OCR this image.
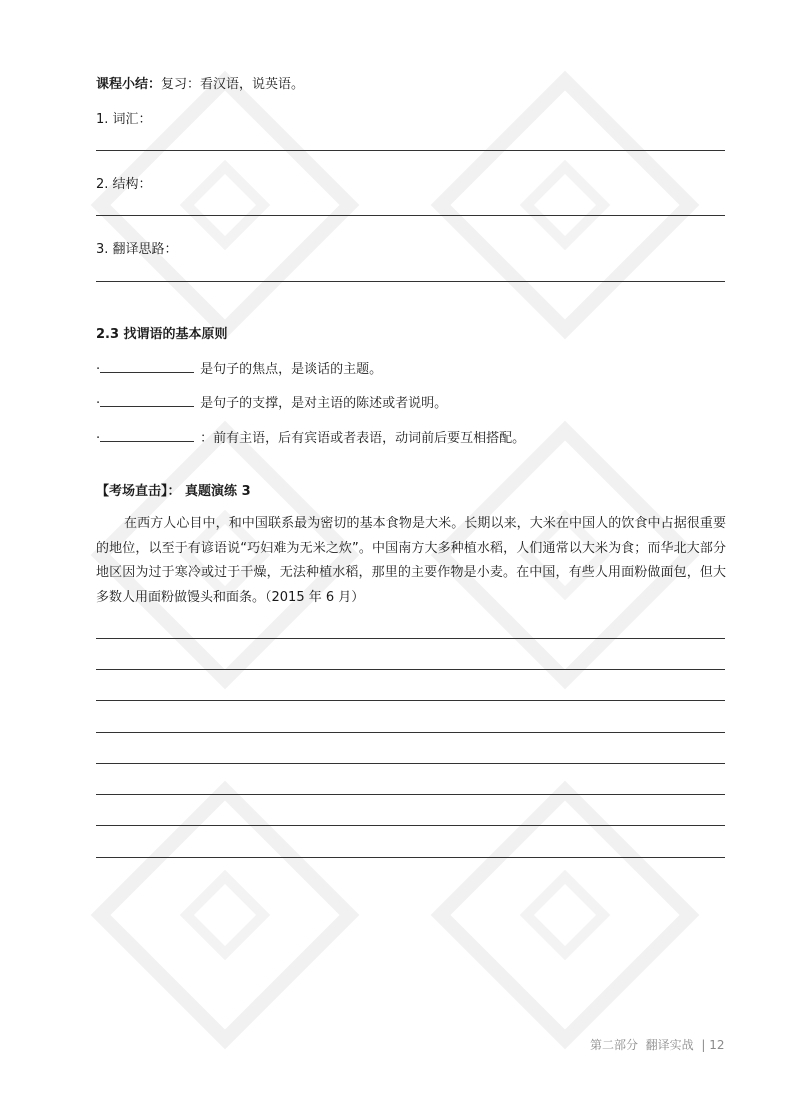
课程小结：复习：看汉语，说英语。
1. 词汇：
2. 结构：
3. 翻译思路：
2.3 找谓语的基本原则
·	是句子的焦点，是谈话的主题。
·	是句子的支撑，是对主语的陈述或者说明。
·	：前有主语，后有宾语或者表语，动词前后要互相搭配。
【考场直击】： 真题演练 3
在西方人心目中，和中国联系最为密切的基本食物是大米。长期以来，大米在中国人的饮食中占据很重要的地位，以至于有谚语说“巧妇难为无米之炊”。中国南方大多种植水稻，人们通常以大米为食；而华北大部分地区因为过于寒冷或过于干燥，无法种植水稻，那里的主要作物是小麦。在中国，有些人用面粉做面包，但大多数人用面粉做馒头和面条。（2015 年 6 月）
第二部分 翻译实战 | 12
